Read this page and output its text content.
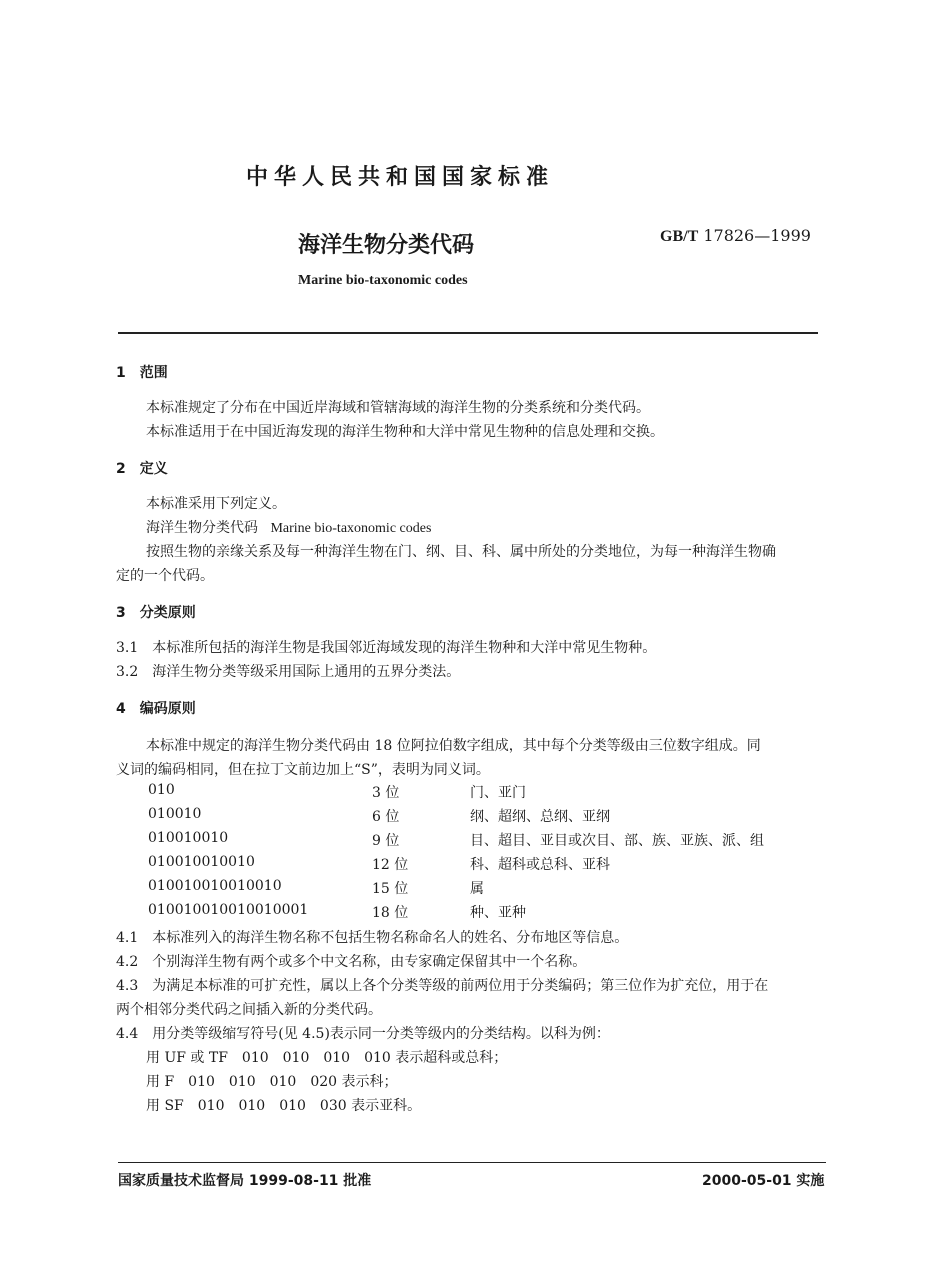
中华人民共和国国家标准
海洋生物分类代码	GB/T 17826—1999
Marine bio-taxonomic codes
1　范围
本标准规定了分布在中国近岸海域和管辖海域的海洋生物的分类系统和分类代码。
本标准适用于在中国近海发现的海洋生物种和大洋中常见生物种的信息处理和交换。
2　定义
本标准采用下列定义。
海洋生物分类代码 Marine bio-taxonomic codes
按照生物的亲缘关系及每一种海洋生物在门、纲、目、科、属中所处的分类地位，为每一种海洋生物确
定的一个代码。
3　分类原则
3.1　本标准所包括的海洋生物是我国邻近海域发现的海洋生物种和大洋中常见生物种。
3.2　海洋生物分类等级采用国际上通用的五界分类法。
4　编码原则
本标准中规定的海洋生物分类代码由 18 位阿拉伯数字组成，其中每个分类等级由三位数字组成。同
义词的编码相同，但在拉丁文前边加上“S”，表明为同义词。
010	3 位	门、亚门
010010	6 位	纲、超纲、总纲、亚纲
010010010	9 位	目、超目、亚目或次目、部、族、亚族、派、组
010010010010	12 位	科、超科或总科、亚科
010010010010010	15 位	属
010010010010010001	18 位	种、亚种
4.1　本标准列入的海洋生物名称不包括生物名称命名人的姓名、分布地区等信息。
4.2　个别海洋生物有两个或多个中文名称，由专家确定保留其中一个名称。
4.3　为满足本标准的可扩充性，属以上各个分类等级的前两位用于分类编码；第三位作为扩充位，用于在
两个相邻分类代码之间插入新的分类代码。
4.4　用分类等级缩写符号(见 4.5)表示同一分类等级内的分类结构。以科为例：
用 UF 或 TF　010　010　010　010 表示超科或总科；
用 F　010　010　010　020 表示科；
用 SF　010　010　010　030 表示亚科。
国家质量技术监督局 1999-08-11 批准	2000-05-01 实施
